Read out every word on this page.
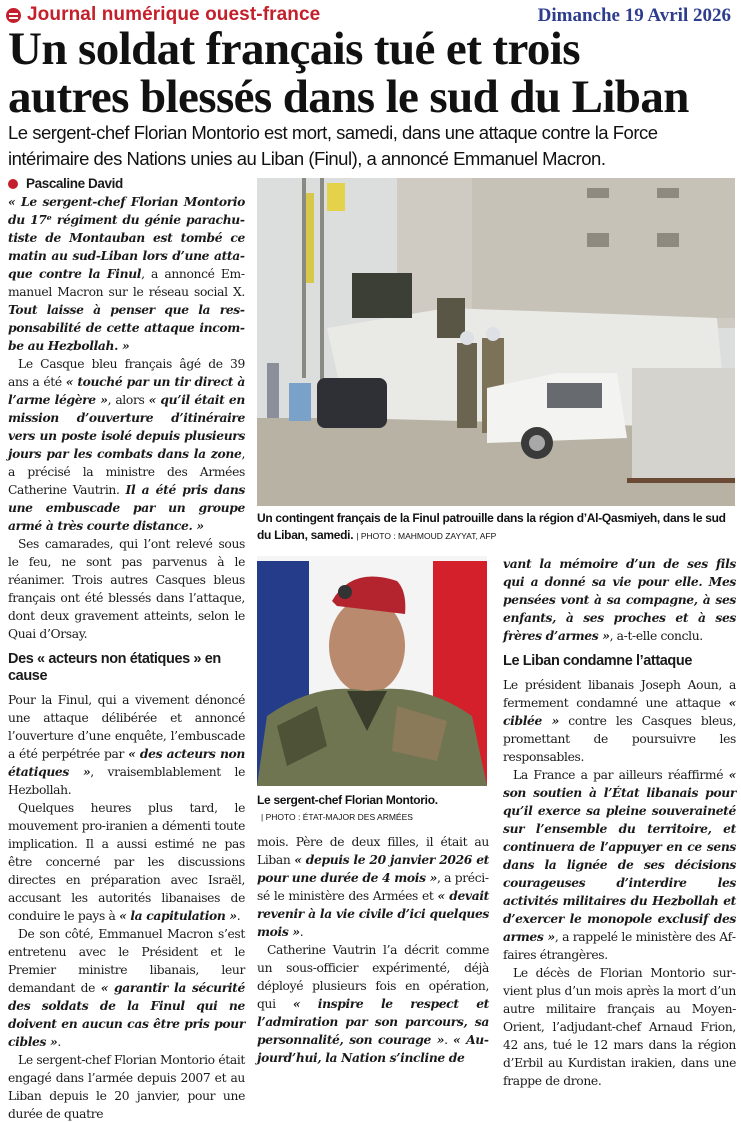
Journal numérique ouest-france	Dimanche 19 Avril 2026
Un soldat français tué et trois
autres blessés dans le sud du Liban
Le sergent-chef Florian Montorio est mort, samedi, dans une attaque contre la Force intérimaire des Nations unies au Liban (Finul), a annoncé Emmanuel Macron.
Pascaline David

« Le sergent-chef Florian Montorio du 17ᵉ régiment du génie parachutiste de Montauban est tombé ce matin au sud-Liban lors d’une attaque contre la Finul, a annoncé Emmanuel Macron sur le réseau social X. Tout laisse à penser que la responsabilité de cette attaque incombe au Hezbollah. »

Le Casque bleu français âgé de 39 ans a été « touché par un tir direct à l’arme légère », alors « qu’il était en mission d’ouverture d’itinéraire vers un poste isolé depuis plusieurs jours par les combats dans la zone, a précisé la ministre des Armées Catherine Vautrin. Il a été pris dans une embuscade par un groupe armé à très courte distance. »

Ses camarades, qui l’ont relevé sous le feu, ne sont pas parvenus à le réanimer. Trois autres Casques bleus français ont été blessés dans l’attaque, dont deux gravement atteints, selon le Quai d’Orsay.

Des « acteurs non étatiques » en cause

Pour la Finul, qui a vivement dénoncé une attaque délibérée et annoncé l’ouverture d’une enquête, l’embuscade a été perpétrée par « des acteurs non étatiques », vraisemblablement le Hezbollah.

Quelques heures plus tard, le mouvement pro-iranien a démenti toute implication. Il a aussi estimé ne pas être concerné par les discussions directes en préparation avec Israël, accusant les autorités libanaises de conduire le pays à « la capitulation ».

De son côté, Emmanuel Macron s’est entretenu avec le Président et le Premier ministre libanais, leur demandant de « garantir la sécurité des soldats de la Finul qui ne doivent en aucun cas être pris pour cibles ».

Le sergent-chef Florian Montorio était engagé dans l’armée depuis 2007 et au Liban depuis le 20 janvier, pour une durée de quatre

Un contingent français de la Finul patrouille dans la région d’Al-Qasmiyeh, dans le sud du Liban, samedi. | PHOTO : MAHMOUD ZAYYAT, AFP
Le sergent-chef Florian Montorio.
| PHOTO : ÉTAT-MAJOR DES ARMÉES

mois. Père de deux filles, il était au Liban « depuis le 20 janvier 2026 et pour une durée de 4 mois », a précisé le ministère des Armées et « devait revenir à la vie civile d’ici quelques mois ».

Catherine Vautrin l’a décrit comme un sous-officier expérimenté, déjà déployé plusieurs fois en opération, qui « inspire le respect et l’admiration par son parcours, sa personnalité, son courage ». « Aujourd’hui, la Nation s’incline de

vant la mémoire d’un de ses fils qui a donné sa vie pour elle. Mes pensées vont à sa compagne, à ses enfants, à ses proches et à ses frères d’armes », a-t-elle conclu.

Le Liban condamne l’attaque

Le président libanais Joseph Aoun, a fermement condamné une attaque « ciblée » contre les Casques bleus, promettant de poursuivre les responsables.

La France a par ailleurs réaffirmé « son soutien à l’État libanais pour qu’il exerce sa pleine souveraineté sur l’ensemble du territoire, et continuera de l’appuyer en ce sens dans la lignée de ses décisions courageuses d’interdire les activités militaires du Hezbollah et d’exercer le monopole exclusif des armes », a rappelé le ministère des Affaires étrangères.

Le décès de Florian Montorio survient plus d’un mois après la mort d’un autre militaire français au Moyen-Orient, l’adjudant-chef Arnaud Frion, 42 ans, tué le 12 mars dans la région d’Erbil au Kurdistan irakien, dans une frappe de drone.
